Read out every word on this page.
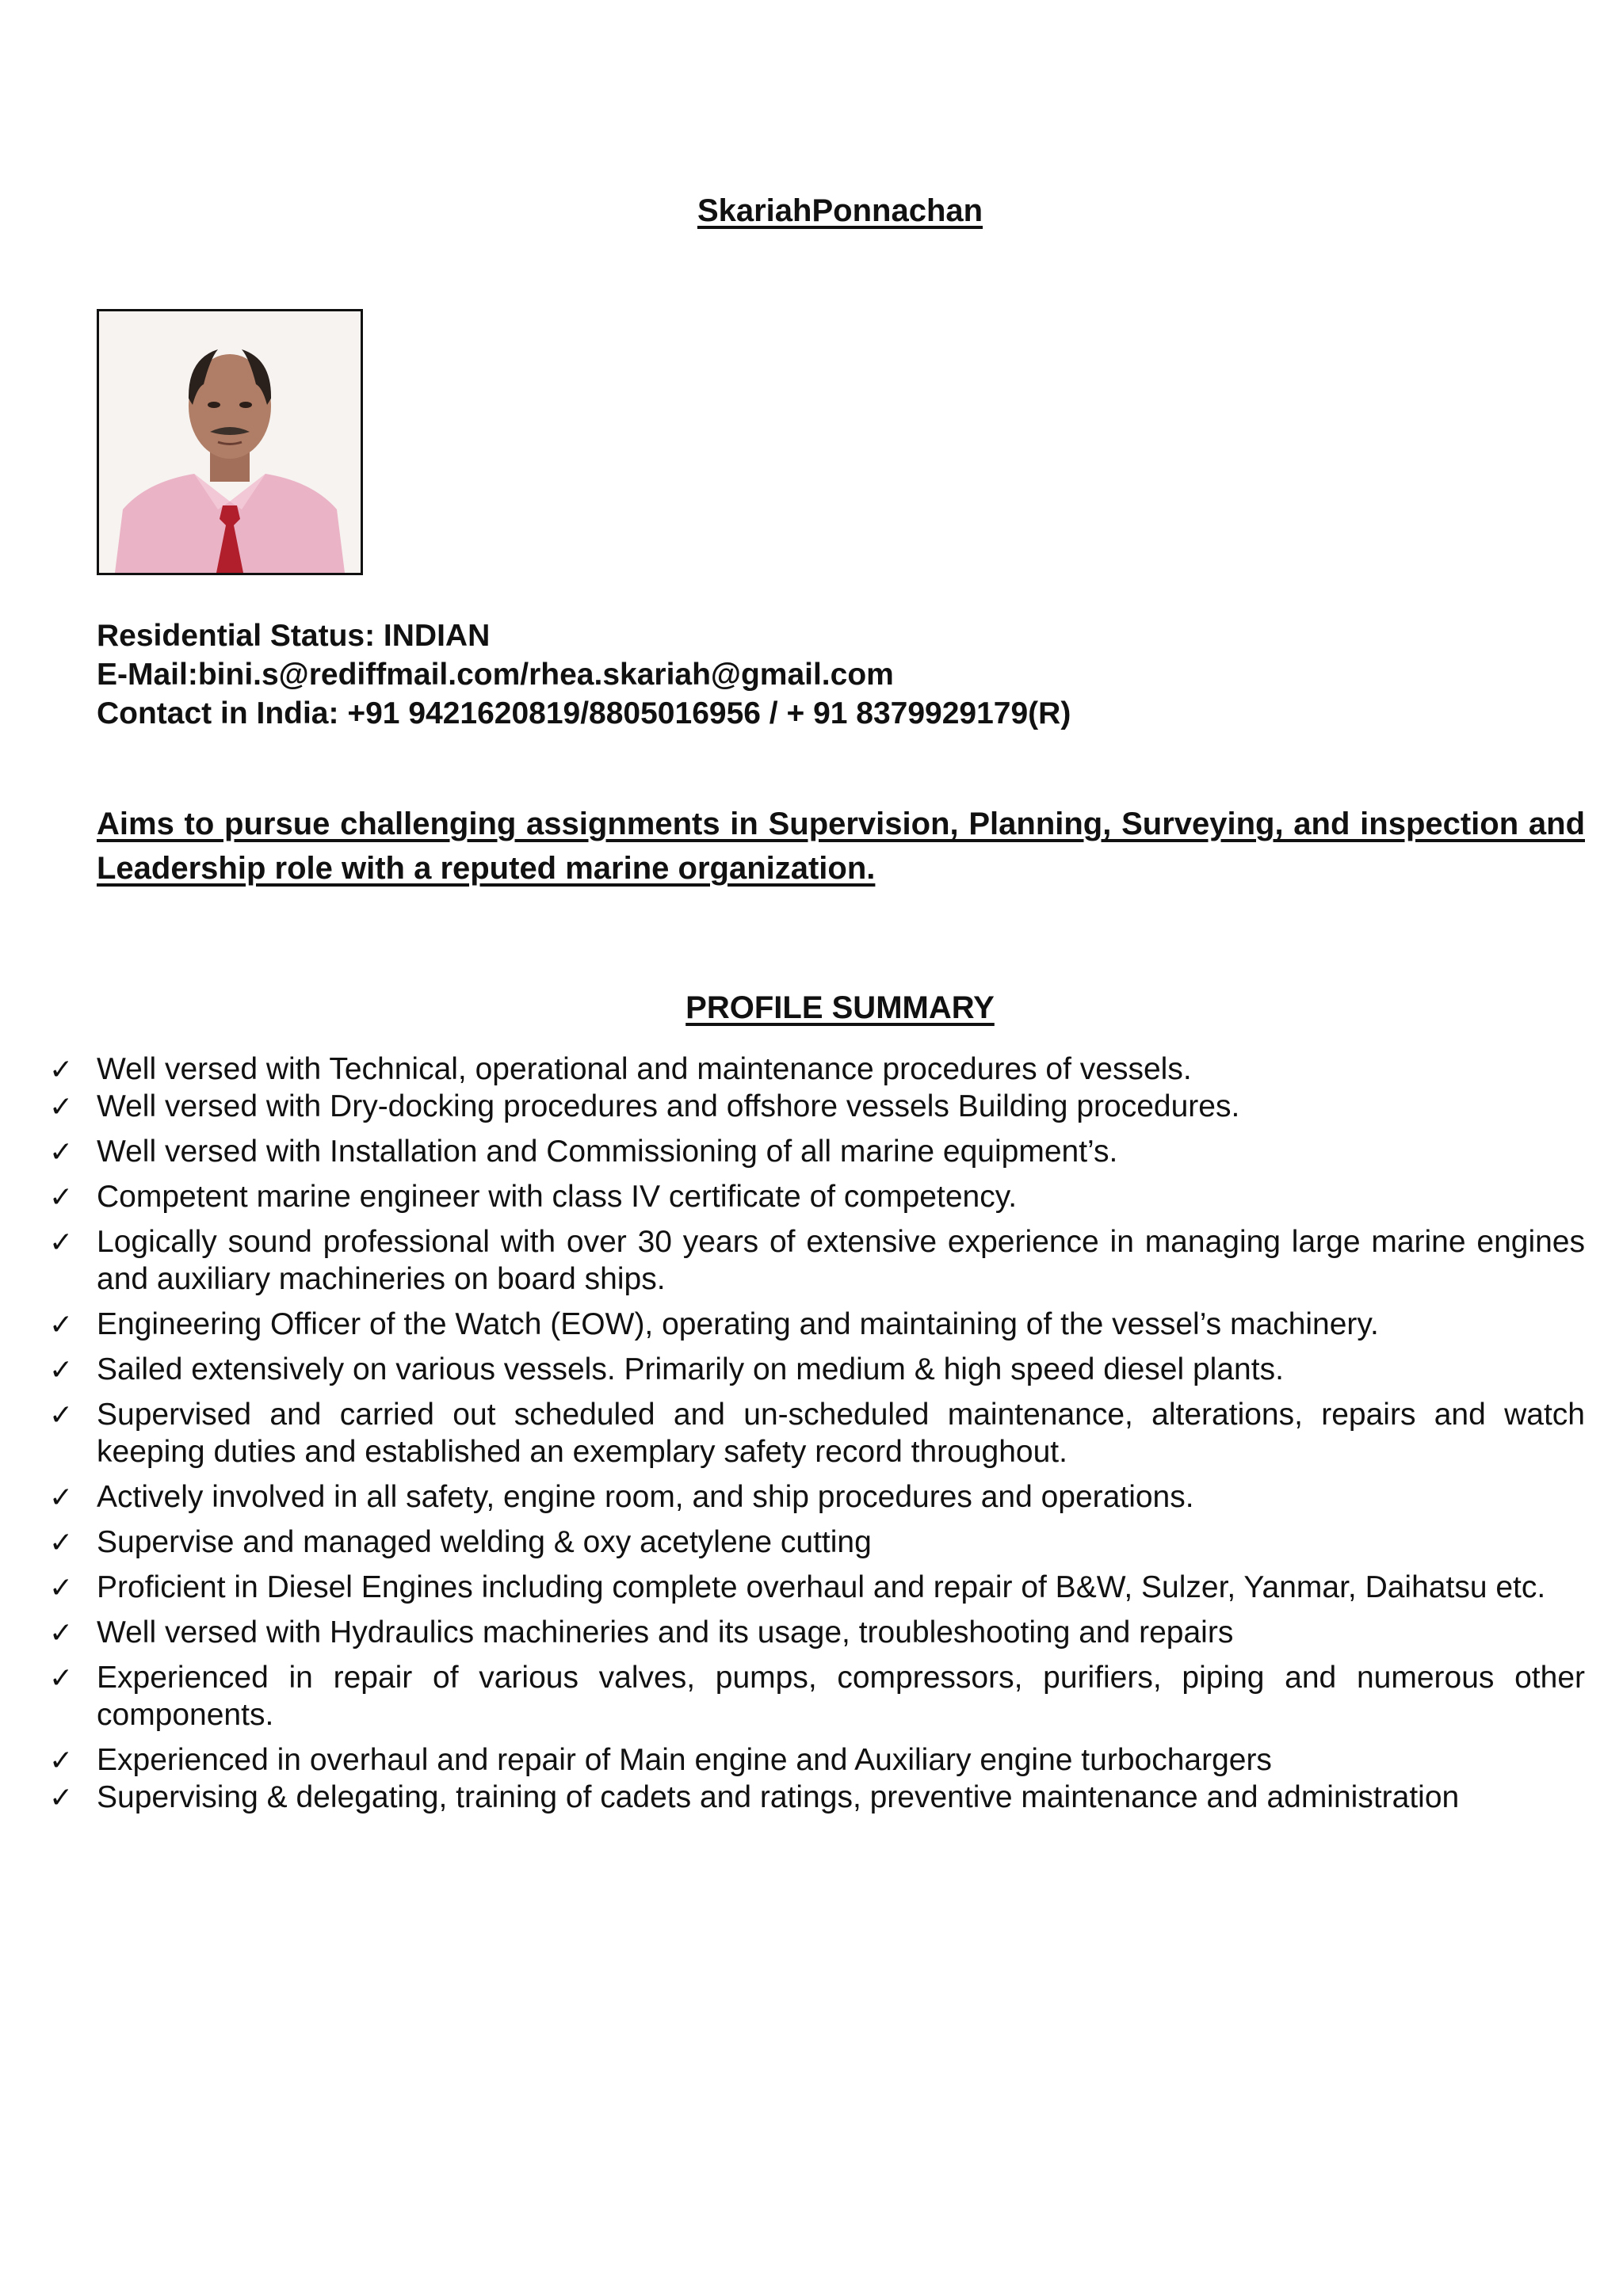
SkariahPonnachan
Residential Status: INDIAN
E-Mail:bini.s@rediffmail.com/rhea.skariah@gmail.com
Contact in India: +91 9421620819/8805016956 / + 91 8379929179(R)

Aims to pursue challenging assignments in Supervision, Planning, Surveying, and inspection and Leadership role with a reputed marine organization.

PROFILE SUMMARY
✓ Well versed with Technical, operational and maintenance procedures of vessels.
✓ Well versed with Dry-docking procedures and offshore vessels Building procedures.
✓ Well versed with Installation and Commissioning of all marine equipment’s.
✓ Competent marine engineer with class IV certificate of competency.
✓ Logically sound professional with over 30 years of extensive experience in managing large marine engines and auxiliary machineries on board ships.
✓ Engineering Officer of the Watch (EOW), operating and maintaining of the vessel’s machinery.
✓ Sailed extensively on various vessels. Primarily on medium & high speed diesel plants.
✓ Supervised and carried out scheduled and un-scheduled maintenance, alterations, repairs and watch keeping duties and established an exemplary safety record throughout.
✓ Actively involved in all safety, engine room, and ship procedures and operations.
✓ Supervise and managed welding & oxy acetylene cutting
✓ Proficient in Diesel Engines including complete overhaul and repair of B&W, Sulzer, Yanmar, Daihatsu etc.
✓ Well versed with Hydraulics machineries and its usage, troubleshooting and repairs
✓ Experienced in repair of various valves, pumps, compressors, purifiers, piping and numerous other components.
✓ Experienced in overhaul and repair of Main engine and Auxiliary engine turbochargers
✓ Supervising & delegating, training of cadets and ratings, preventive maintenance and administration
